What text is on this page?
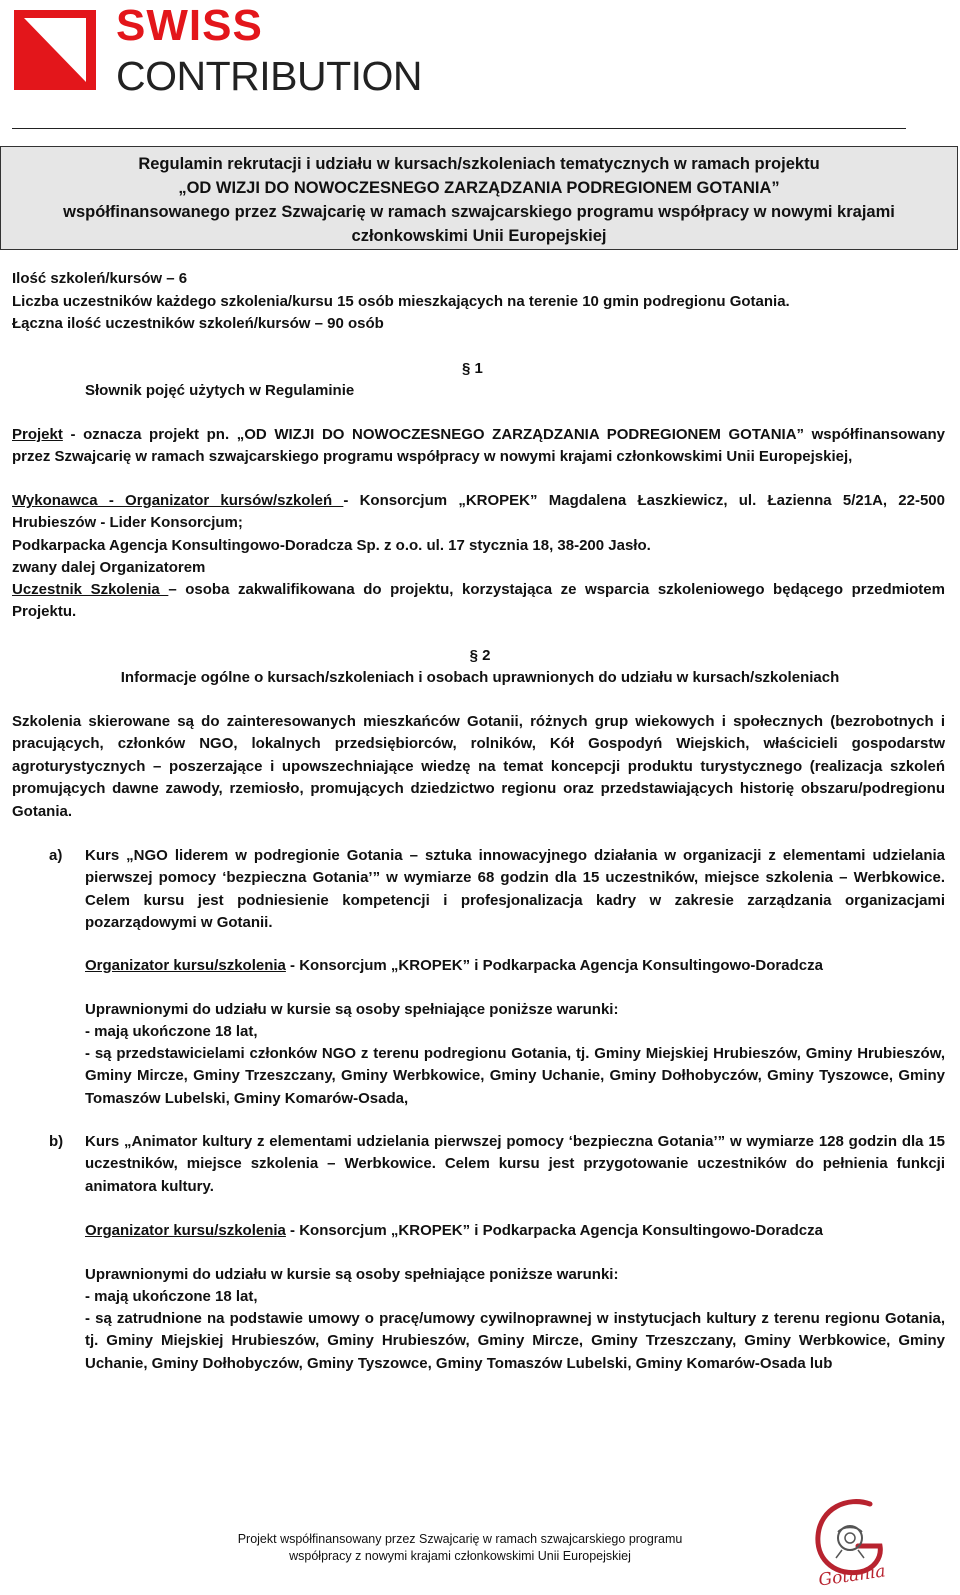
SWISS
CONTRIBUTION
Regulamin rekrutacji i udziału w kursach/szkoleniach tematycznych w ramach projektu
„OD WIZJI DO NOWOCZESNEGO ZARZĄDZANIA PODREGIONEM GOTANIA”
współfinansowanego przez Szwajcarię w ramach szwajcarskiego programu współpracy w nowymi krajami
członkowskimi Unii Europejskiej
Ilość szkoleń/kursów – 6
Liczba uczestników każdego szkolenia/kursu 15 osób mieszkających na terenie 10 gmin podregionu Gotania.
Łączna ilość uczestników szkoleń/kursów – 90 osób
§ 1
Słownik pojęć użytych w Regulaminie
Projekt - oznacza projekt pn. „OD WIZJI DO NOWOCZESNEGO ZARZĄDZANIA PODREGIONEM GOTANIA” współfinansowany przez Szwajcarię w ramach szwajcarskiego programu współpracy w nowymi krajami członkowskimi Unii Europejskiej,
Wykonawca - Organizator kursów/szkoleń - Konsorcjum „KROPEK” Magdalena Łaszkiewicz, ul. Łazienna 5/21A, 22-500 Hrubieszów - Lider Konsorcjum;
Podkarpacka Agencja Konsultingowo-Doradcza Sp. z o.o. ul. 17 stycznia 18, 38-200 Jasło.
zwany dalej Organizatorem
Uczestnik Szkolenia – osoba zakwalifikowana do projektu, korzystająca ze wsparcia szkoleniowego będącego przedmiotem Projektu.
§ 2
Informacje ogólne o kursach/szkoleniach i osobach uprawnionych do udziału w kursach/szkoleniach
Szkolenia skierowane są do zainteresowanych mieszkańców Gotanii, różnych grup wiekowych i społecznych (bezrobotnych i pracujących, członków NGO, lokalnych przedsiębiorców, rolników, Kół Gospodyń Wiejskich, właścicieli gospodarstw agroturystycznych – poszerzające i upowszechniające wiedzę na temat koncepcji produktu turystycznego (realizacja szkoleń promujących dawne zawody, rzemiosło, promujących dziedzictwo regionu oraz przedstawiających historię obszaru/podregionu Gotania.
a) Kurs „NGO liderem w podregionie Gotania – sztuka innowacyjnego działania w organizacji z elementami udzielania pierwszej pomocy ‘bezpieczna Gotania’” w wymiarze 68 godzin dla 15 uczestników, miejsce szkolenia – Werbkowice. Celem kursu jest podniesienie kompetencji i profesjonalizacja kadry w zakresie zarządzania organizacjami pozarządowymi w Gotanii.
Organizator kursu/szkolenia - Konsorcjum „KROPEK” i Podkarpacka Agencja Konsultingowo-Doradcza
Uprawnionymi do udziału w kursie są osoby spełniające poniższe warunki:
- mają ukończone 18 lat,
- są przedstawicielami członków NGO z terenu podregionu Gotania, tj. Gminy Miejskiej Hrubieszów, Gminy Hrubieszów, Gminy Mircze, Gminy Trzeszczany, Gminy Werbkowice, Gminy Uchanie, Gminy Dołhobyczów, Gminy Tyszowce, Gminy Tomaszów Lubelski, Gminy Komarów-Osada,
b) Kurs „Animator kultury z elementami udzielania pierwszej pomocy ‘bezpieczna Gotania’” w wymiarze 128 godzin dla 15 uczestników, miejsce szkolenia – Werbkowice. Celem kursu jest przygotowanie uczestników do pełnienia funkcji animatora kultury.
Organizator kursu/szkolenia - Konsorcjum „KROPEK” i Podkarpacka Agencja Konsultingowo-Doradcza
Uprawnionymi do udziału w kursie są osoby spełniające poniższe warunki:
- mają ukończone 18 lat,
- są zatrudnione na podstawie umowy o pracę/umowy cywilnoprawnej w instytucjach kultury z terenu regionu Gotania, tj. Gminy Miejskiej Hrubieszów, Gminy Hrubieszów, Gminy Mircze, Gminy Trzeszczany, Gminy Werbkowice, Gminy Uchanie, Gminy Dołhobyczów, Gminy Tyszowce, Gminy Tomaszów Lubelski, Gminy Komarów-Osada lub
Projekt współfinansowany przez Szwajcarię w ramach szwajcarskiego programu
współpracy z nowymi krajami członkowskimi Unii Europejskiej
Gotania
